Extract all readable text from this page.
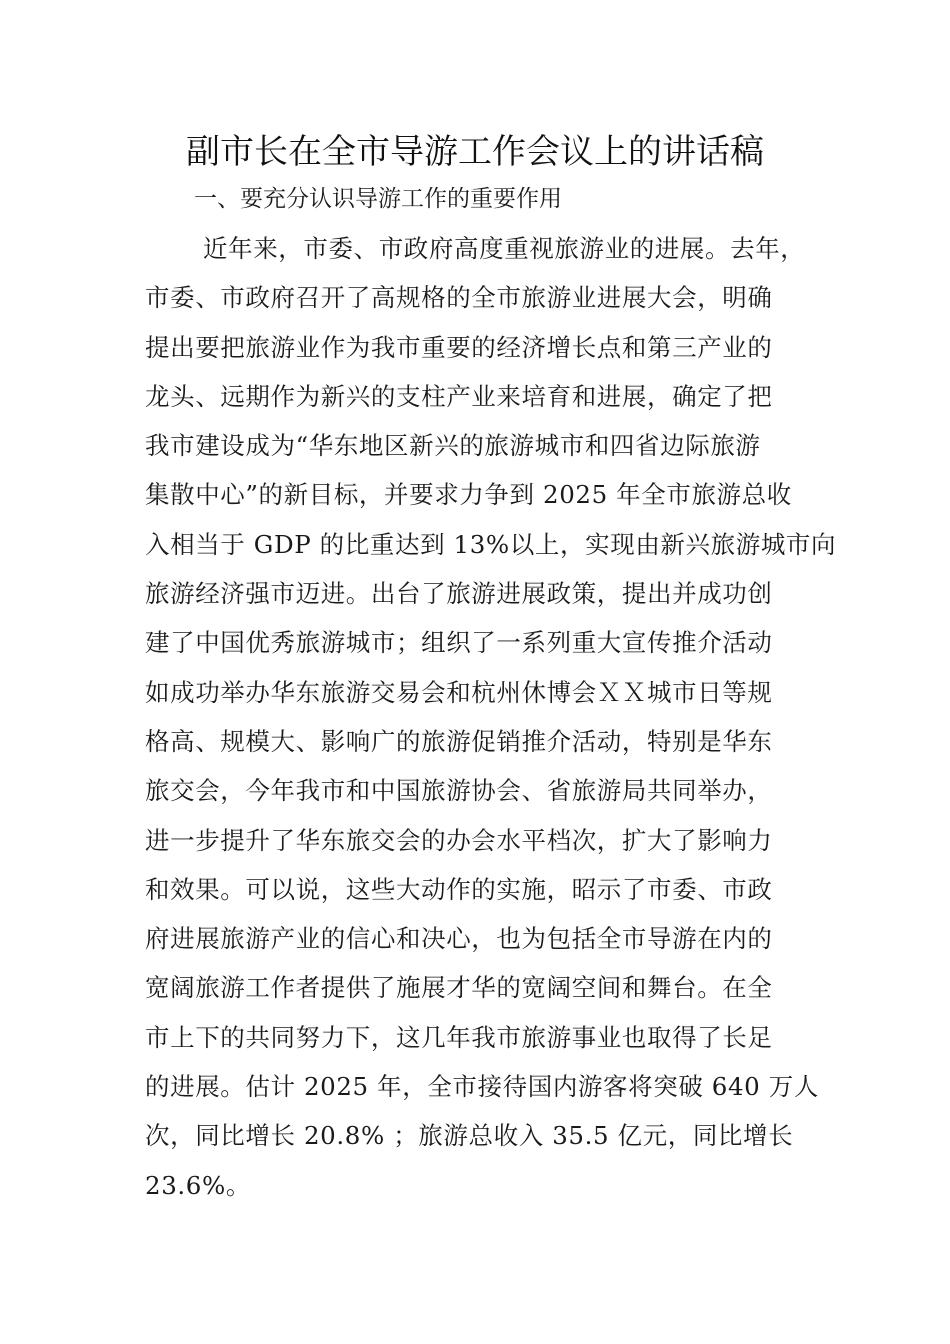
副市长在全市导游工作会议上的讲话稿
一、要充分认识导游工作的重要作用
近年来，市委、市政府高度重视旅游业的进展。去年，
市委、市政府召开了高规格的全市旅游业进展大会，明确
提出要把旅游业作为我市重要的经济增长点和第三产业的
龙头、远期作为新兴的支柱产业来培育和进展，确定了把
我市建设成为“华东地区新兴的旅游城市和四省边际旅游
集散中心”的新目标，并要求力争到 2025 年全市旅游总收
入相当于 GDP 的比重达到 13%以上，实现由新兴旅游城市向
旅游经济强市迈进。出台了旅游进展政策，提出并成功创
建了中国优秀旅游城市；组织了一系列重大宣传推介活动
如成功举办华东旅游交易会和杭州休博会ＸＸ城市日等规
格高、规模大、影响广的旅游促销推介活动，特别是华东
旅交会，今年我市和中国旅游协会、省旅游局共同举办，
进一步提升了华东旅交会的办会水平档次，扩大了影响力
和效果。可以说，这些大动作的实施，昭示了市委、市政
府进展旅游产业的信心和决心，也为包括全市导游在内的
宽阔旅游工作者提供了施展才华的宽阔空间和舞台。在全
市上下的共同努力下，这几年我市旅游事业也取得了长足
的进展。估计 2025 年，全市接待国内游客将突破 640 万人
次，同比增长 20.8% ；旅游总收入 35.5 亿元，同比增长
23.6%。
